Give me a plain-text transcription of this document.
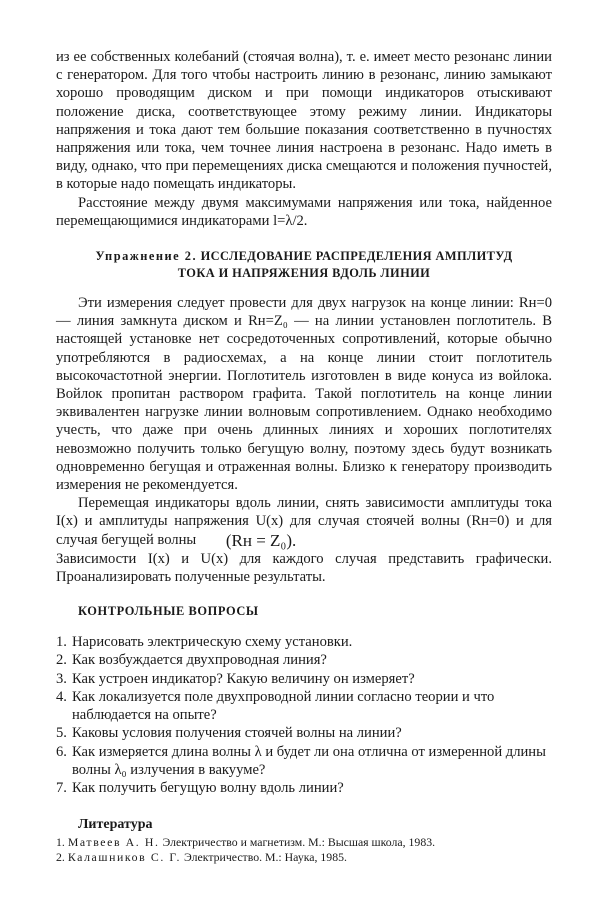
из ее собственных колебаний (стоячая волна), т. е. имеет место резонанс линии с генератором. Для того чтобы настроить линию в резонанс, линию замыкают хорошо проводящим диском и при помощи индикаторов отыскивают положение диска, соответствующее этому режиму линии. Индикаторы напряжения и тока дают тем большие показания соответственно в пучностях напряжения или тока, чем точнее линия настроена в резонанс. Надо иметь в виду, однако, что при перемещениях диска смещаются и положения пучностей, в которые надо помещать индикаторы.

Расстояние между двумя максимумами напряжения или тока, найденное перемещающимися индикаторами l=λ/2.

Упражнение 2. ИССЛЕДОВАНИЕ РАСПРЕДЕЛЕНИЯ АМПЛИТУД
ТОКА И НАПРЯЖЕНИЯ ВДОЛЬ ЛИНИИ

Эти измерения следует провести для двух нагрузок на конце линии: Rн=0 — линия замкнута диском и Rн=Z₀ — на линии установлен поглотитель. В настоящей установке нет сосредоточенных сопротивлений, которые обычно употребляются в радиосхемах, а на конце линии стоит поглотитель высокочастотной энергии. Поглотитель изготовлен в виде конуса из войлока. Войлок пропитан раствором графита. Такой поглотитель на конце линии эквивалентен нагрузке линии волновым сопротивлением. Однако необходимо учесть, что даже при очень длинных линиях и хороших поглотителях невозможно получить только бегущую волну, поэтому здесь будут возникать одновременно бегущая и отраженная волны. Близко к генератору производить измерения не рекомендуется.

Перемещая индикаторы вдоль линии, снять зависимости амплитуды тока I(x) и амплитуды напряжения U(x) для случая стоячей волны (Rн=0) и для случая бегущей волны (Rн = Z₀).

Зависимости I(x) и U(x) для каждого случая представить графически. Проанализировать полученные результаты.

КОНТРОЛЬНЫЕ ВОПРОСЫ
1. Нарисовать электрическую схему установки.
2. Как возбуждается двухпроводная линия?
3. Как устроен индикатор? Какую величину он измеряет?
4. Как локализуется поле двухпроводной линии согласно теории и что наблюдается на опыте?
5. Каковы условия получения стоячей волны на линии?
6. Как измеряется длина волны λ и будет ли она отлична от измеренной длины волны λ₀ излучения в вакууме?
7. Как получить бегущую волну вдоль линии?
Литература
1. Матвеев А. Н. Электричество и магнетизм. М.: Высшая школа, 1983.
2. Калашников С. Г. Электричество. М.: Наука, 1985.
